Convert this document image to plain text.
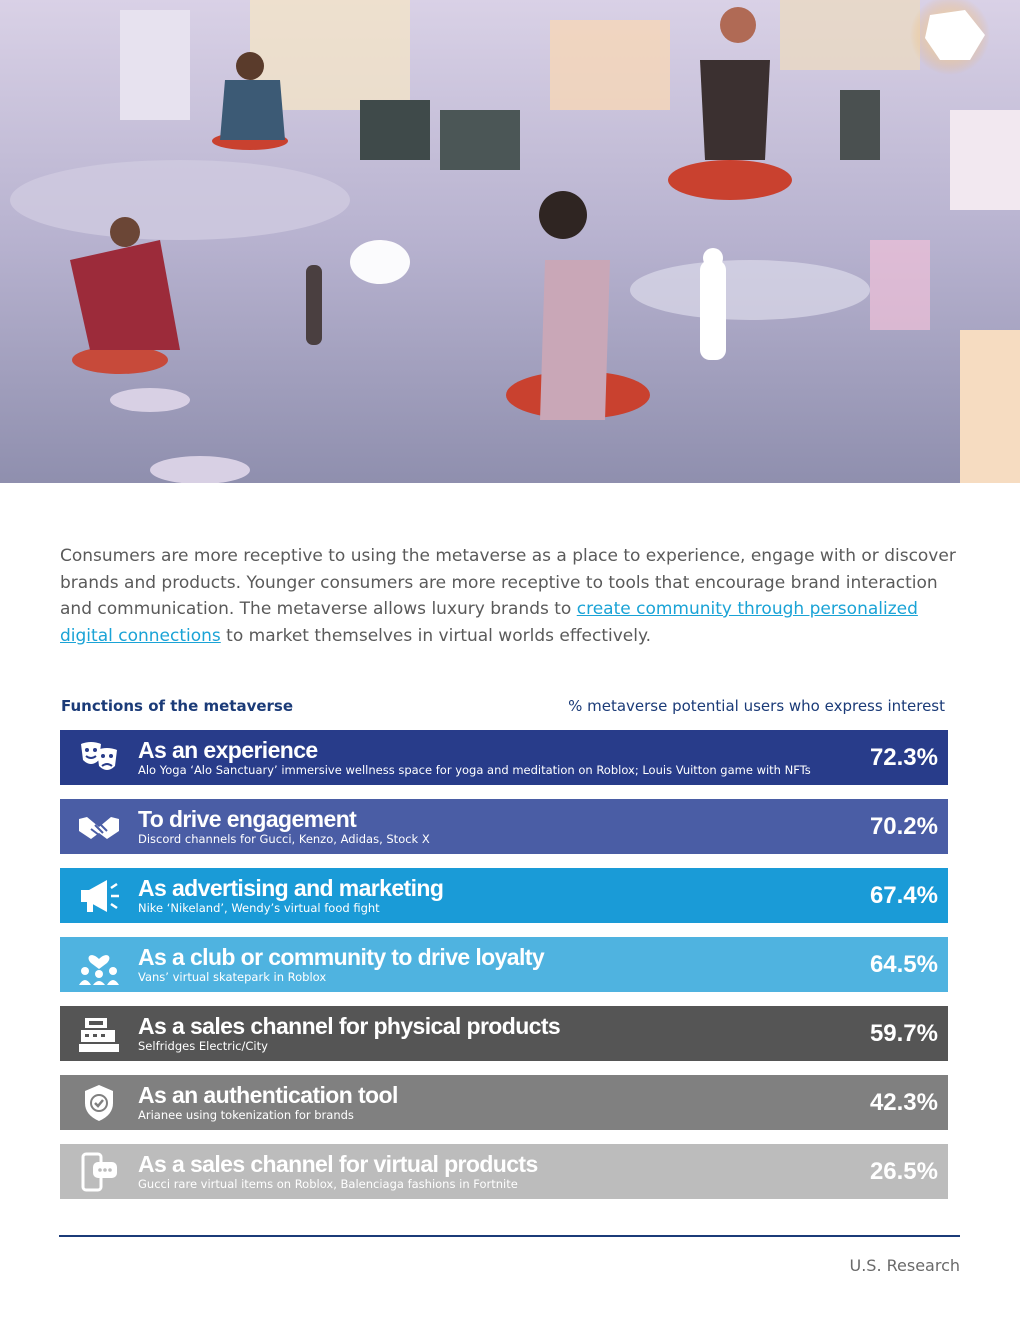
Consumers are more receptive to using the metaverse as a place to experience, engage with or discover brands and products. Younger consumers are more receptive to tools that encourage brand interaction and communication. The metaverse allows luxury brands to create community through personalized digital connections to market themselves in virtual worlds effectively.

Functions of the metaverse	% metaverse potential users who express interest
As an experience
Alo Yoga ‘Alo Sanctuary’ immersive wellness space for yoga and meditation on Roblox; Louis Vuitton game with NFTs	72.3%
To drive engagement
Discord channels for Gucci, Kenzo, Adidas, Stock X	70.2%
As advertising and marketing
Nike ‘Nikeland’, Wendy’s virtual food fight	67.4%
As a club or community to drive loyalty
Vans’ virtual skatepark in Roblox	64.5%
As a sales channel for physical products
Selfridges Electric/City	59.7%
As an authentication tool
Arianee using tokenization for brands	42.3%
As a sales channel for virtual products
Gucci rare virtual items on Roblox, Balenciaga fashions in Fortnite	26.5%
U.S. Research
